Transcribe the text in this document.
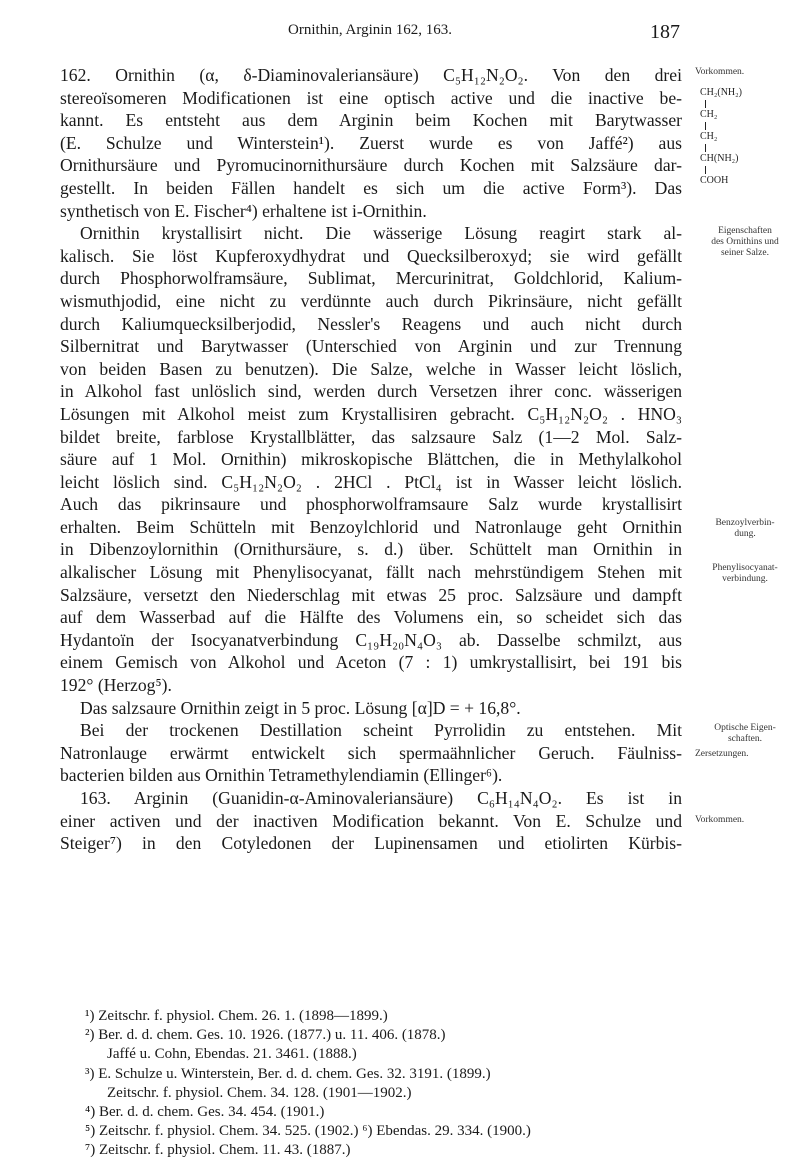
Ornithin, Arginin 162, 163.	187
162. Ornithin (α, δ-Diaminovaleriansäure) C₅H₁₂N₂O₂. Von den drei
stereoïsomeren Modificationen ist eine optisch active und die inactive be-
kannt. Es entsteht aus dem Arginin beim Kochen mit Barytwasser
(E. Schulze und Winterstein¹). Zuerst wurde es von Jaffé²) aus
Ornithursäure und Pyromucinornithursäure durch Kochen mit Salzsäure dar-
gestellt. In beiden Fällen handelt es sich um die active Form³). Das
synthetisch von E. Fischer⁴) erhaltene ist i-Ornithin.
Ornithin krystallisirt nicht. Die wässerige Lösung reagirt stark al-
kalisch. Sie löst Kupferoxydhydrat und Quecksilberoxyd; sie wird gefällt
durch Phosphorwolframsäure, Sublimat, Mercurinitrat, Goldchlorid, Kalium-
wismuthjodid, eine nicht zu verdünnte auch durch Pikrinsäure, nicht gefällt
durch Kaliumquecksilberjodid, Nessler's Reagens und auch nicht durch
Silbernitrat und Barytwasser (Unterschied von Arginin und zur Trennung
von beiden Basen zu benutzen). Die Salze, welche in Wasser leicht löslich,
in Alkohol fast unlöslich sind, werden durch Versetzen ihrer conc. wässerigen
Lösungen mit Alkohol meist zum Krystallisiren gebracht. C₅H₁₂N₂O₂ . HNO₃
bildet breite, farblose Krystallblätter, das salzsaure Salz (1—2 Mol. Salz-
säure auf 1 Mol. Ornithin) mikroskopische Blättchen, die in Methylalkohol
leicht löslich sind. C₅H₁₂N₂O₂ . 2HCl . PtCl₄ ist in Wasser leicht löslich.
Auch das pikrinsaure und phosphorwolframsaure Salz wurde krystallisirt
erhalten. Beim Schütteln mit Benzoylchlorid und Natronlauge geht Ornithin
in Dibenzoylornithin (Ornithursäure, s. d.) über. Schüttelt man Ornithin in
alkalischer Lösung mit Phenylisocyanat, fällt nach mehrstündigem Stehen mit
Salzsäure, versetzt den Niederschlag mit etwas 25 proc. Salzsäure und dampft
auf dem Wasserbad auf die Hälfte des Volumens ein, so scheidet sich das
Hydantoïn der Isocyanatverbindung C₁₉H₂₀N₄O₃ ab. Dasselbe schmilzt, aus
einem Gemisch von Alkohol und Aceton (7 : 1) umkrystallisirt, bei 191 bis
192° (Herzog⁵).
Das salzsaure Ornithin zeigt in 5 proc. Lösung [α]D = + 16,8°.
Bei der trockenen Destillation scheint Pyrrolidin zu entstehen. Mit
Natronlauge erwärmt entwickelt sich spermaähnlicher Geruch. Fäulniss-
bacterien bilden aus Ornithin Tetramethylendiamin (Ellinger⁶).
163. Arginin (Guanidin-α-Aminovaleriansäure) C₆H₁₄N₄O₂. Es ist in
einer activen und der inactiven Modification bekannt. Von E. Schulze und
Steiger⁷) in den Cotyledonen der Lupinensamen und etiolirten Kürbis-
Vorkommen.
CH₂(NH₂)
CH₂
CH₂
CH(NH₂)
COOH
Eigenschaften
des Ornithins und
seiner Salze.
Benzoylverbin-
dung.
Phenylisocyanat-
verbindung.
Optische Eigen-
schaften.
Zersetzungen.
Vorkommen.
¹) Zeitschr. f. physiol. Chem. 26. 1. (1898—1899.)
²) Ber. d. d. chem. Ges. 10. 1926. (1877.) u. 11. 406. (1878.)
Jaffé u. Cohn, Ebendas. 21. 3461. (1888.)
³) E. Schulze u. Winterstein, Ber. d. d. chem. Ges. 32. 3191. (1899.)
Zeitschr. f. physiol. Chem. 34. 128. (1901—1902.)
⁴) Ber. d. d. chem. Ges. 34. 454. (1901.)
⁵) Zeitschr. f. physiol. Chem. 34. 525. (1902.) ⁶) Ebendas. 29. 334. (1900.)
⁷) Zeitschr. f. physiol. Chem. 11. 43. (1887.)
